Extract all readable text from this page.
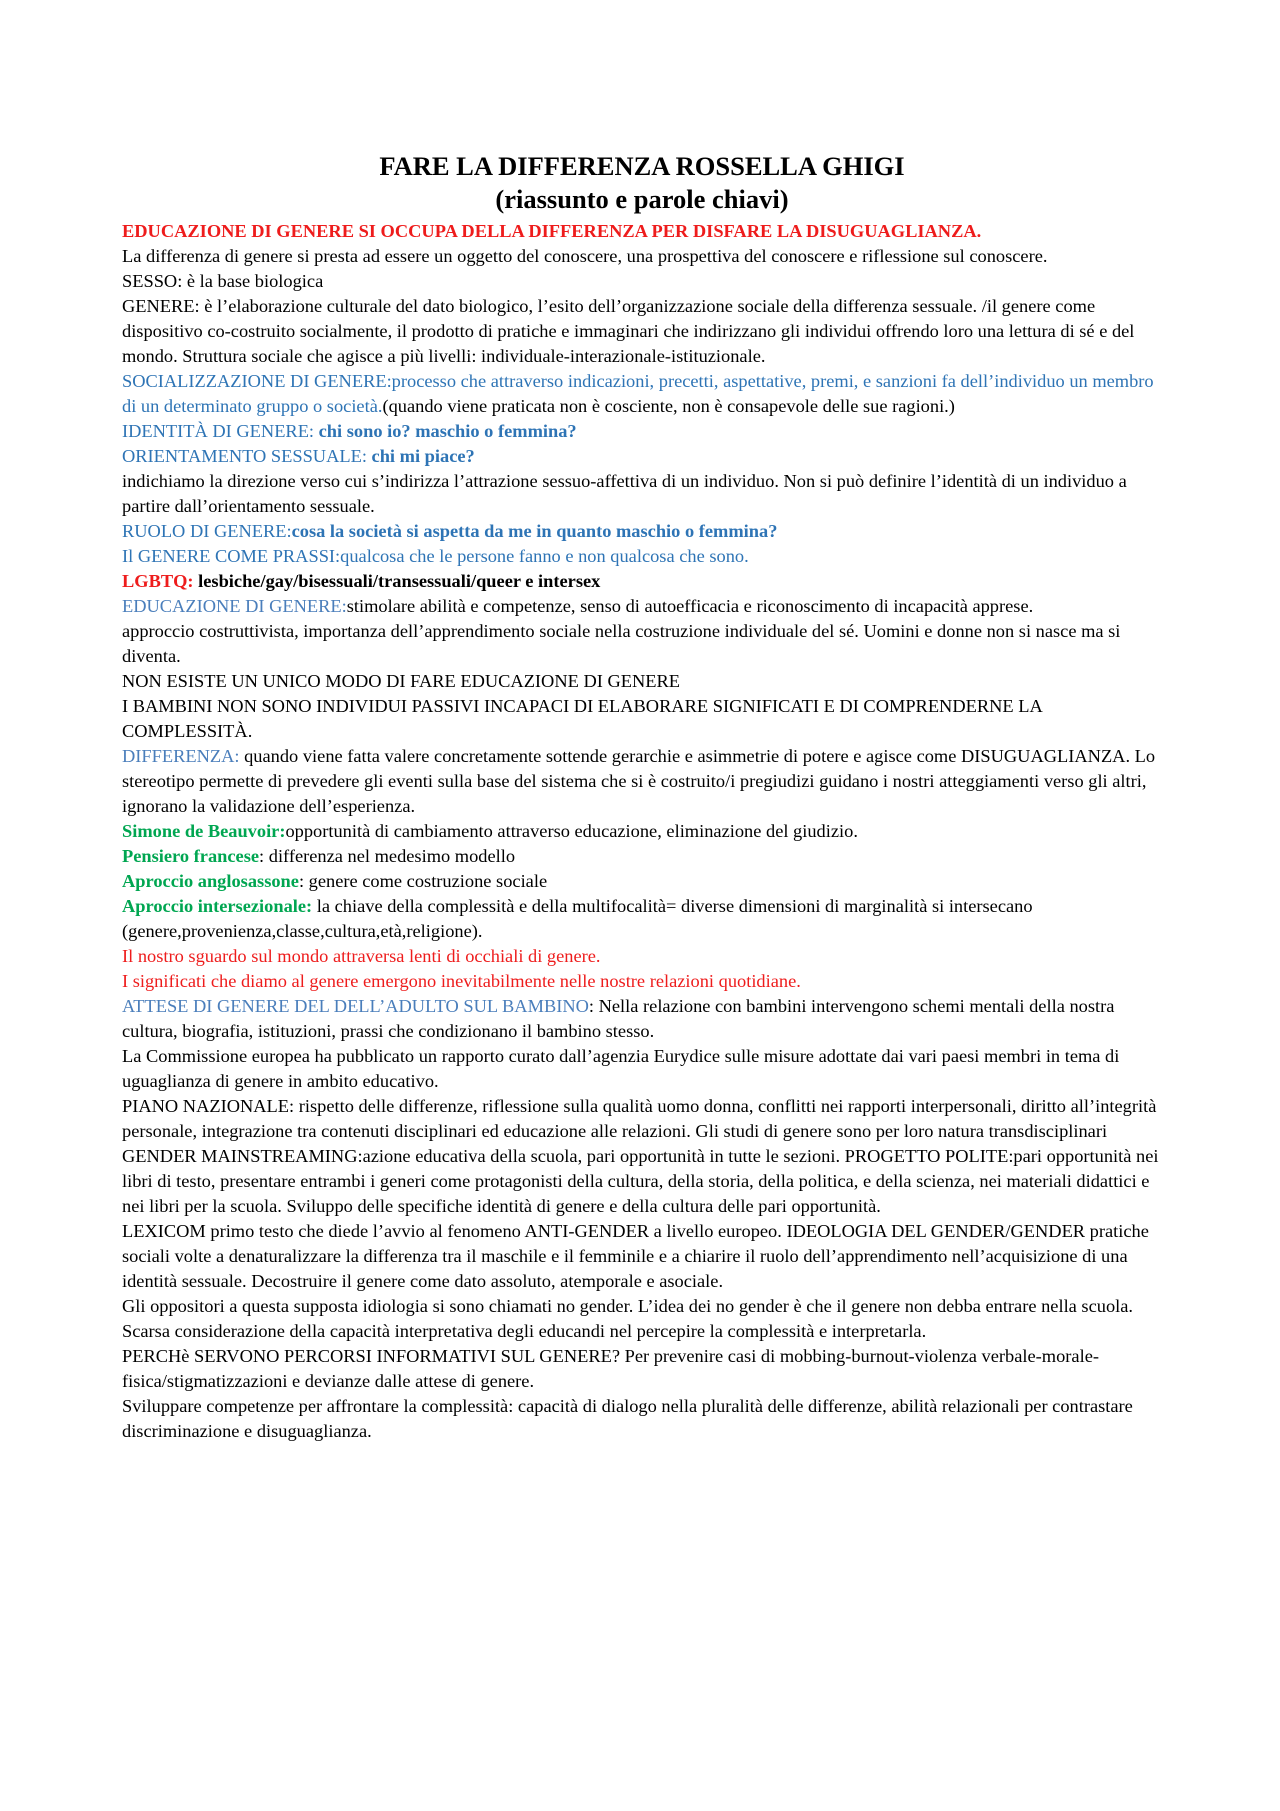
FARE LA DIFFERENZA ROSSELLA GHIGI

(riassunto e parole chiavi)

EDUCAZIONE DI GENERE SI OCCUPA DELLA DIFFERENZA PER DISFARE LA DISUGUAGLIANZA.

La differenza di genere si presta ad essere un oggetto del conoscere, una prospettiva del conoscere e riflessione sul conoscere.

SESSO: è la base biologica

GENERE: è l’elaborazione culturale del dato biologico, l’esito dell’organizzazione sociale della differenza sessuale. /il genere come dispositivo co-costruito socialmente, il prodotto di pratiche e immaginari che indirizzano gli individui offrendo loro una lettura di sé e del mondo. Struttura sociale che agisce a più livelli: individuale-interazionale-istituzionale.

SOCIALIZZAZIONE DI GENERE:processo che attraverso indicazioni, precetti, aspettative, premi, e sanzioni fa dell’individuo un membro di un determinato gruppo o società.(quando viene praticata non è cosciente, non è consapevole delle sue ragioni.)

IDENTITÀ DI GENERE: chi sono io? maschio o femmina?

ORIENTAMENTO SESSUALE: chi mi piace?

indichiamo la direzione verso cui s’indirizza l’attrazione sessuo-affettiva di un individuo. Non si può definire l’identità di un individuo a partire dall’orientamento sessuale.

RUOLO DI GENERE:cosa la società si aspetta da me in quanto maschio o femmina?

Il GENERE COME PRASSI:qualcosa che le persone fanno e non qualcosa che sono.

LGBTQ: lesbiche/gay/bisessuali/transessuali/queer e intersex

EDUCAZIONE DI GENERE:stimolare abilità e competenze, senso di autoefficacia e riconoscimento di incapacità apprese.

approccio costruttivista, importanza dell’apprendimento sociale nella costruzione individuale del sé. Uomini e donne non si nasce ma si diventa.

NON ESISTE UN UNICO MODO DI FARE EDUCAZIONE DI GENERE

I BAMBINI NON SONO INDIVIDUI PASSIVI INCAPACI DI ELABORARE SIGNIFICATI E DI COMPRENDERNE LA COMPLESSITÀ.

DIFFERENZA: quando viene fatta valere concretamente sottende gerarchie e asimmetrie di potere e agisce come DISUGUAGLIANZA. Lo stereotipo permette di prevedere gli eventi sulla base del sistema che si è costruito/i pregiudizi guidano i nostri atteggiamenti verso gli altri, ignorano la validazione dell’esperienza.

Simone de Beauvoir:opportunità di cambiamento attraverso educazione, eliminazione del giudizio.

Pensiero francese: differenza nel medesimo modello

Aproccio anglosassone: genere come costruzione sociale

Aproccio intersezionale: la chiave della complessità e della multifocalità= diverse dimensioni di marginalità si intersecano (genere,provenienza,classe,cultura,età,religione).

Il nostro sguardo sul mondo attraversa lenti di occhiali di genere.

I significati che diamo al genere emergono inevitabilmente nelle nostre relazioni quotidiane.

ATTESE DI GENERE DEL DELL’ADULTO SUL BAMBINO: Nella relazione con bambini intervengono schemi mentali della nostra cultura, biografia, istituzioni, prassi che condizionano il bambino stesso.

La Commissione europea ha pubblicato un rapporto curato dall’agenzia Eurydice sulle misure adottate dai vari paesi membri in tema di uguaglianza di genere in ambito educativo.

PIANO NAZIONALE: rispetto delle differenze, riflessione sulla qualità uomo donna, conflitti nei rapporti interpersonali, diritto all’integrità personale, integrazione tra contenuti disciplinari ed educazione alle relazioni. Gli studi di genere sono per loro natura transdisciplinari

GENDER MAINSTREAMING:azione educativa della scuola, pari opportunità in tutte le sezioni. PROGETTO POLITE:pari opportunità nei libri di testo, presentare entrambi i generi come protagonisti della cultura, della storia, della politica, e della scienza, nei materiali didattici e nei libri per la scuola. Sviluppo delle specifiche identità di genere e della cultura delle pari opportunità.

LEXICOM primo testo che diede l’avvio al fenomeno ANTI-GENDER a livello europeo. IDEOLOGIA DEL GENDER/GENDER pratiche sociali volte a denaturalizzare la differenza tra il maschile e il femminile e a chiarire il ruolo dell’apprendimento nell’acquisizione di una identità sessuale. Decostruire il genere come dato assoluto, atemporale e asociale.

Gli oppositori a questa supposta idiologia si sono chiamati no gender. L’idea dei no gender è che il genere non debba entrare nella scuola. Scarsa considerazione della capacità interpretativa degli educandi nel percepire la complessità e interpretarla.

PERCHè SERVONO PERCORSI INFORMATIVI SUL GENERE? Per prevenire casi di mobbing-burnout-violenza verbale-morale-fisica/stigmatizzazioni e devianze dalle attese di genere.

Sviluppare competenze per affrontare la complessità: capacità di dialogo nella pluralità delle differenze, abilità relazionali per contrastare discriminazione e disuguaglianza.
